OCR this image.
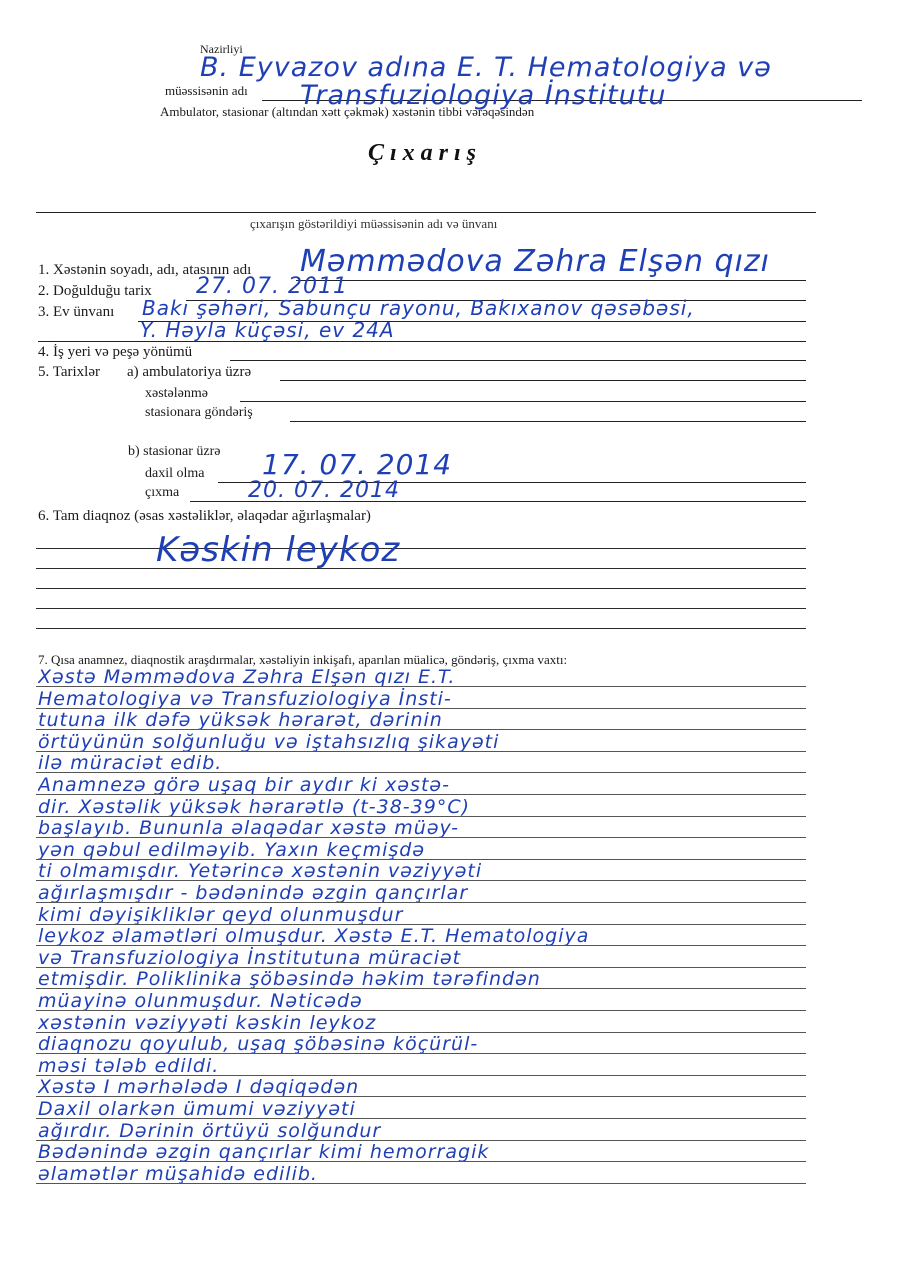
Nazirliyi
B. Eyvazov adına E. T. Hematologiya və
müəssisənin adı Transfuziologiya İnstitutu
Ambulator, stasionar (altından xətt çəkmək) xəstənin tibbi vərəqəsindən
Çıxarış
çıxarışın göstərildiyi müəssisənin adı və ünvanı
1. Xəstənin soyadı, adı, atasının adı Məmmədova Zəhra Elşən qızı
2. Doğulduğu tarix 27. 07. 2011
3. Ev ünvanı Bakı şəhəri, Sabunçu rayonu, Bakıxanov qəsəbəsi,
Y. Həyla küçəsi, ev 24A
4. İş yeri və peşə yönümü
5. Tarixlər a) ambulatoriya üzrə
xəstələnmə
stasionara göndəriş
b) stasionar üzrə
daxil olma 17. 07. 2014
çıxma	20. 07. 2014
6. Tam diaqnoz (əsas xəstəliklər, əlaqədar ağırlaşmalar)
Kəskin leykoz
7. Qısa anamnez, diaqnostik araşdırmalar, xəstəliyin inkişafı, aparılan müalicə, göndəriş, çıxma vaxtı:
Xəstə Məmmədova Zəhra Elşən qızı E.T.
Hematologiya və Transfuziologiya İnsti-
tutuna ilk dəfə yüksək hərarət, dərinin
örtüyünün solğunluğu və iştahsızlıq şikayəti
ilə müraciət edib.
Anamnezə görə uşaq bir aydır ki xəstə-
dir. Xəstəlik yüksək hərarətlə (t-38-39°C)
başlayıb. Bununla əlaqədar xəstə müəy-
yən qəbul edilməyib. Yaxın keçmişdə
ti olmamışdır. Yetərincə xəstənin vəziyyəti
ağırlaşmışdır - bədənində əzgin qançırlar
kimi dəyişikliklər qeyd olunmuşdur
leykoz əlamətləri olmuşdur. Xəstə E.T. Hematologiya
və Transfuziologiya İnstitutuna müraciət
etmişdir. Poliklinika şöbəsində həkim tərəfindən
müayinə olunmuşdur. Nəticədə
xəstənin vəziyyəti kəskin leykoz
diaqnozu qoyulub, uşaq şöbəsinə köçürül-
məsi tələb edildi.
Xəstə I mərhələdə I dəqiqədən
Daxil olarkən ümumi vəziyyəti
ağırdır. Dərinin örtüyü solğundur
Bədənində əzgin qançırlar kimi hemorragik
əlamətlər müşahidə edilib.
